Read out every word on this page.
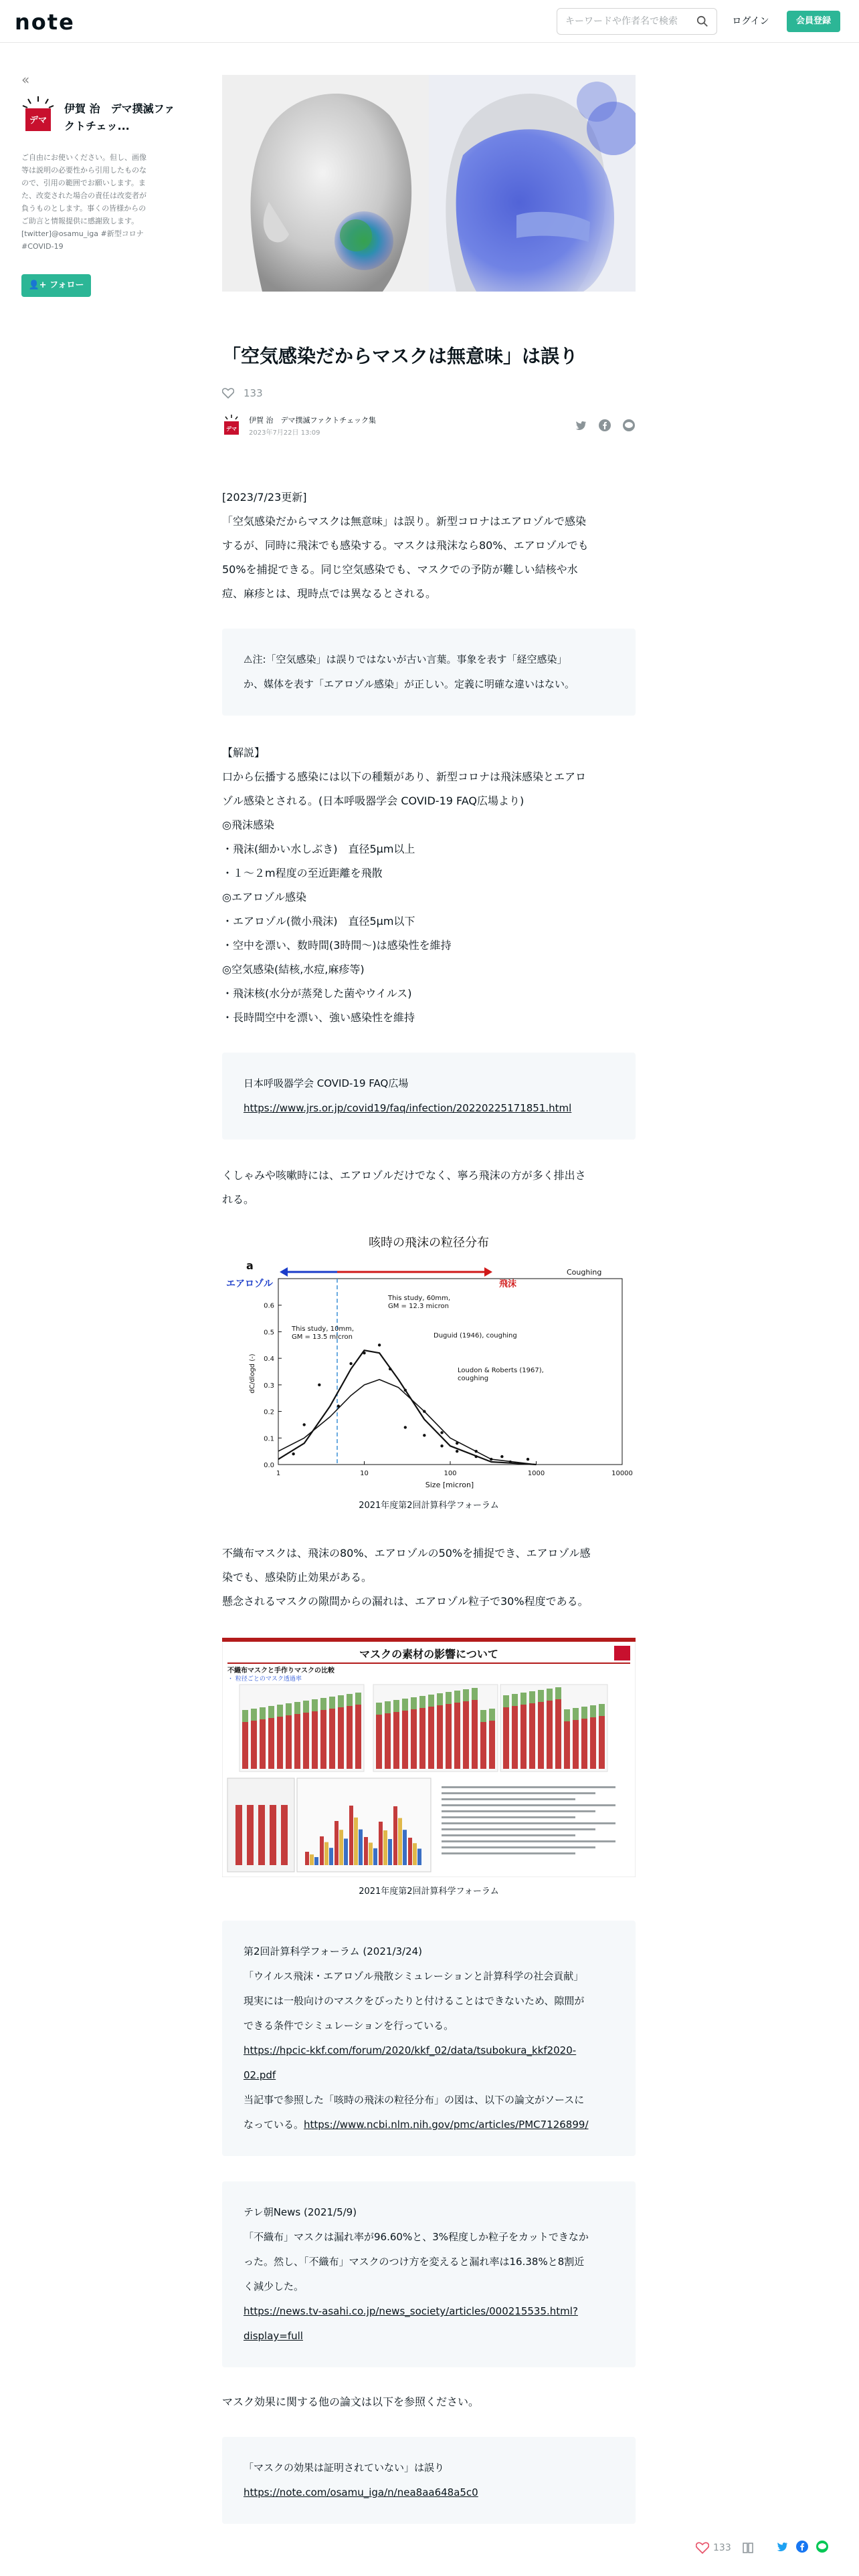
note
キーワードや作者名で検索	ログイン	会員登録
«
デマ
伊賀 治　デマ撲滅ファクトチェッ...
ご自由にお使いください。但し、画像等は説明の必要性から引用したものなので、引用の範囲でお願いします。また、改変された場合の責任は改変者が負うものとします。事くの皆様からのご助言と情報提供に感謝致します。 [twitter]@osamu_iga #新型コロナ #COVID-19
👤+ フォロー
「空気感染だからマスクは無意味」は誤り
133
デマ
伊賀 治　デマ撲滅ファクトチェック集
2023年7月22日 13:09
[2023/7/23更新]
「空気感染だからマスクは無意味」は誤り。新型コロナはエアロゾルで感染
するが、同時に飛沫でも感染する。マスクは飛沫なら80%、エアロゾルでも
50%を捕捉できる。同じ空気感染でも、マスクでの予防が難しい結核や水
痘、麻疹とは、現時点では異なるとされる。
⚠︎注:「空気感染」は誤りではないが古い言葉。事象を表す「経空感染」
か、媒体を表す「エアロゾル感染」が正しい。定義に明確な違いはない。
【解説】
口から伝播する感染には以下の種類があり、新型コロナは飛沫感染とエアロ
ゾル感染とされる。(日本呼吸器学会 COVID-19 FAQ広場より)
◎飛沫感染
・飛沫(細かい水しぶき)　直径5μm以上
・１〜２m程度の至近距離を飛散
◎エアロゾル感染
・エアロゾル(微小飛沫)　直径5μm以下
・空中を漂い、数時間(3時間〜)は感染性を維持
◎空気感染(結核,水痘,麻疹等)
・飛沫核(水分が蒸発した菌やウイルス)
・長時間空中を漂い、強い感染性を維持
日本呼吸器学会 COVID-19 FAQ広場
https://www.jrs.or.jp/covid19/faq/infection/20220225171851.html
くしゃみや咳嗽時には、エアロゾルだけでなく、寧ろ飛沫の方が多く排出さ
れる。
咳時の飛沫の粒径分布
a
エアロゾル	飛沫
Coughing
0.0
0.1
0.2
0.3
0.4
0.5
0.6
1	10	100	1000	10000
This study, 60mm,
GM = 12.3 micron
This study, 10mm,
GM = 13.5 micron	Duguid (1946), coughing
Loudon & Roberts (1967),
coughing
Size [micron]
dC/dlogd (-)
2021年度第2回計算科学フォーラム
不織布マスクは、飛沫の80%、エアロゾルの50%を捕捉でき、エアロゾル感
染でも、感染防止効果がある。
懸念されるマスクの隙間からの漏れは、エアロゾル粒子で30%程度である。
マスクの素材の影響について
不織布マスクと手作りマスクの比較
・ 粒径ごとのマスク透過率
2021年度第2回計算科学フォーラム
第2回計算科学フォーラム (2021/3/24)
「ウイルス飛沫・エアロゾル飛散シミュレーションと計算科学の社会貢献」
現実には一般向けのマスクをぴったりと付けることはできないため、隙間が
できる条件でシミュレーションを行っている。
https://hpcic-kkf.com/forum/2020/kkf_02/data/tsubokura_kkf2020-
02.pdf
当記事で参照した「咳時の飛沫の粒径分布」の図は、以下の論文がソースに
なっている。https://www.ncbi.nlm.nih.gov/pmc/articles/PMC7126899/
テレ朝News (2021/5/9)
「不織布」マスクは漏れ率が96.60%と、3%程度しか粒子をカットできなか
った。然し、「不織布」マスクのつけ方を変えると漏れ率は16.38%と8割近
く減少した。
https://news.tv-asahi.co.jp/news_society/articles/000215535.html?
display=full
マスク効果に関する他の論文は以下を参照ください。
「マスクの効果は証明されていない」は誤り
https://note.com/osamu_iga/n/nea8aa648a5c0
133
